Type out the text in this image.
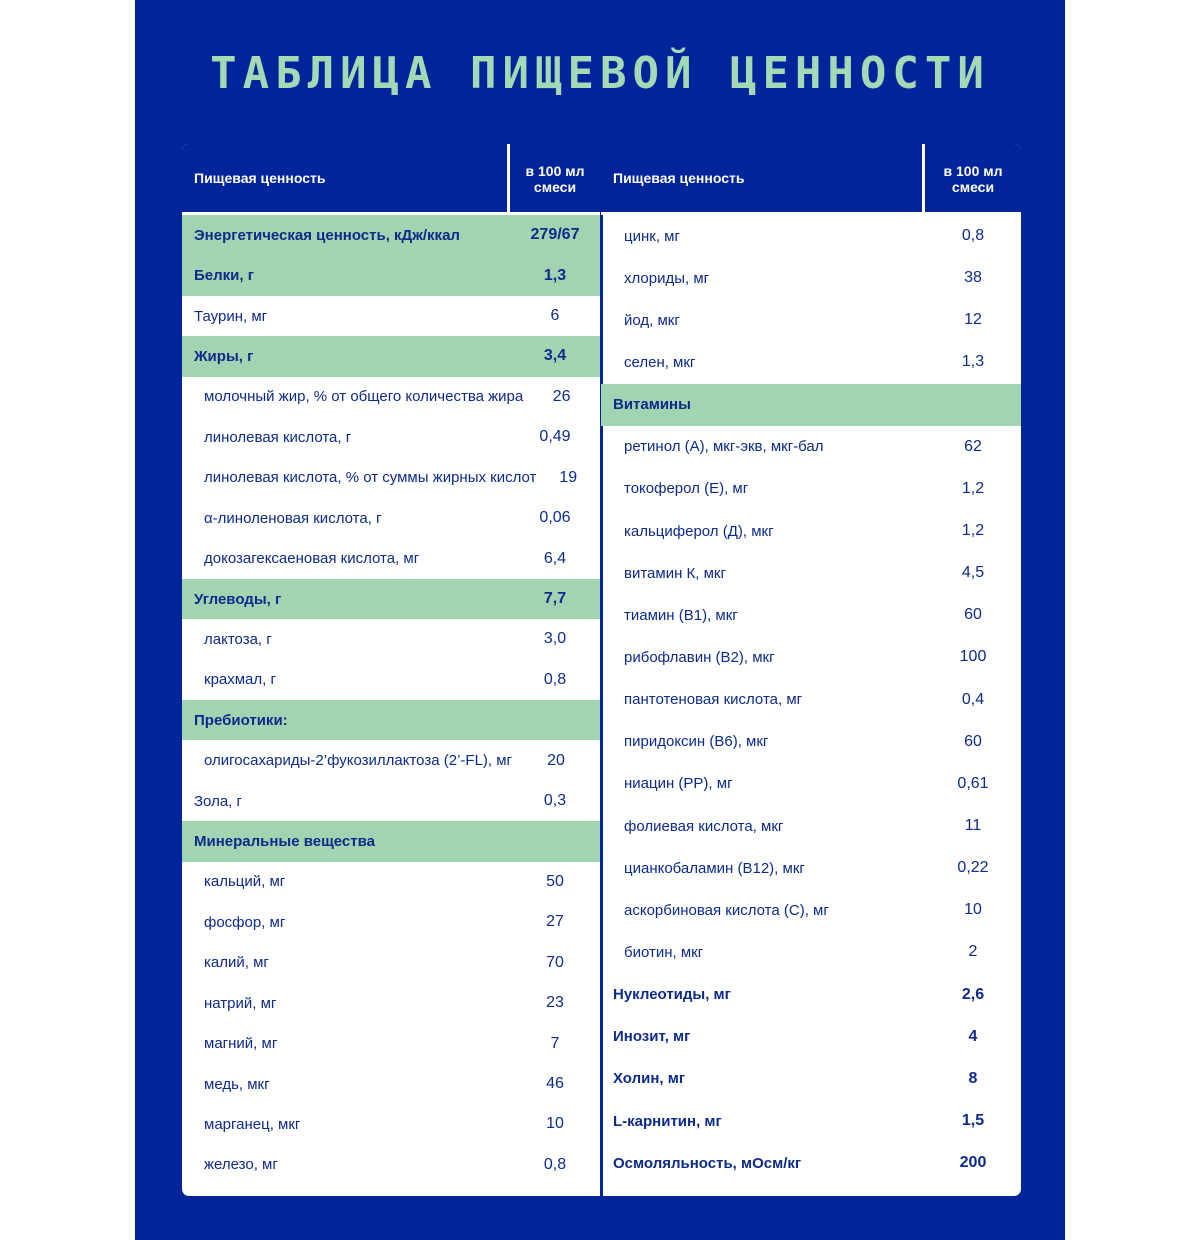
ТАБЛИЦА ПИЩЕВОЙ ЦЕННОСТИ
Пищевая ценность	в 100 мл
смеси
Энергетическая ценность, кДж/ккал	279/67
Белки, г	1,3
Таурин, мг	6
Жиры, г	3,4
молочный жир, % от общего количества жира	26
линолевая кислота, г	0,49
линолевая кислота, % от суммы жирных кислот	19
α-линоленовая кислота, г	0,06
докозагексаеновая кислота, мг	6,4
Углеводы, г	7,7
лактоза, г	3,0
крахмал, г	0,8
Пребиотики:
олигосахариды-2’фукозиллактоза (2’-FL), мг	20
Зола, г	0,3
Минеральные вещества
кальций, мг	50
фосфор, мг	27
калий, мг	70
натрий, мг	23
магний, мг	7
медь, мкг	46
марганец, мкг	10
железо, мг	0,8
Пищевая ценность	в 100 мл
смеси
цинк, мг	0,8
хлориды, мг	38
йод, мкг	12
селен, мкг	1,3
Витамины
ретинол (А), мкг-экв, мкг-бал	62
токоферол (Е), мг	1,2
кальциферол (Д), мкг	1,2
витамин К, мкг	4,5
тиамин (В1), мкг	60
рибофлавин (В2), мкг	100
пантотеновая кислота, мг	0,4
пиридоксин (В6), мкг	60
ниацин (РР), мг	0,61
фолиевая кислота, мкг	11
цианкобаламин (В12), мкг	0,22
аскорбиновая кислота (С), мг	10
биотин, мкг	2
Нуклеотиды, мг	2,6
Инозит, мг	4
Холин, мг	8
L-карнитин, мг	1,5
Осмоляльность, мОсм/кг	200
